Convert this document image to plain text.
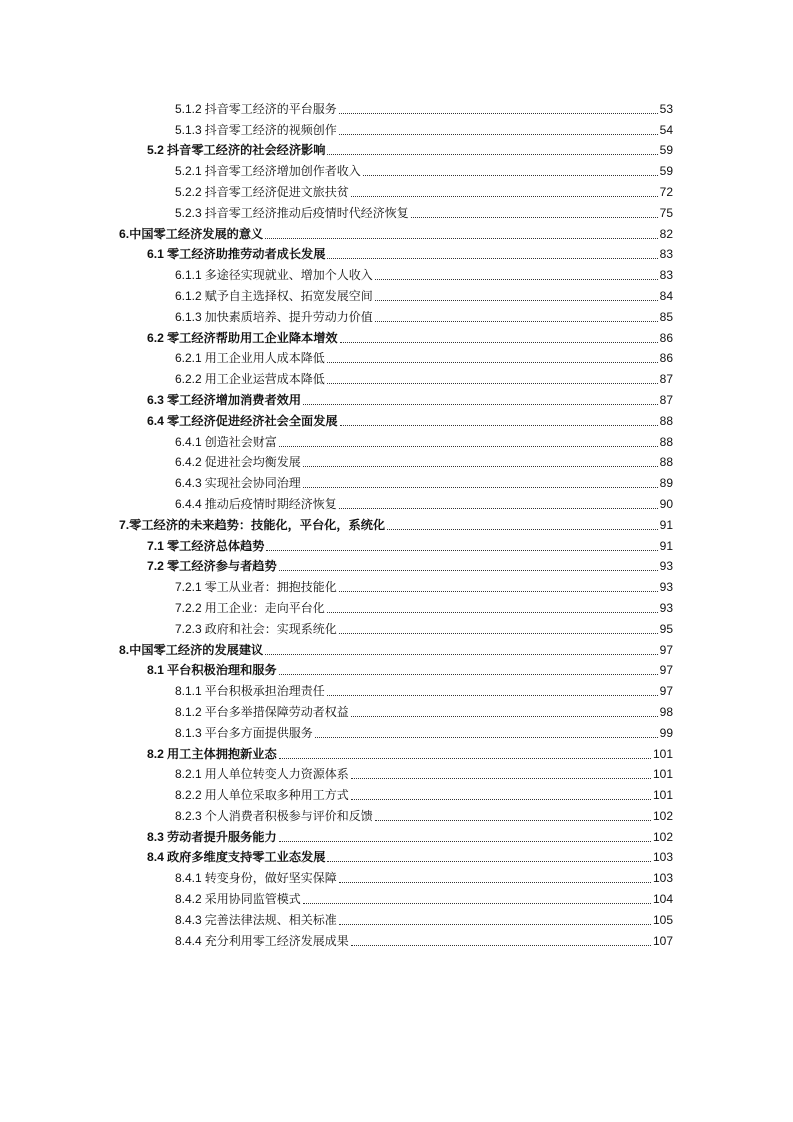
5.1.2 抖音零工经济的平台服务	53
5.1.3 抖音零工经济的视频创作	54
5.2 抖音零工经济的社会经济影响	59
5.2.1 抖音零工经济增加创作者收入	59
5.2.2 抖音零工经济促进文旅扶贫	72
5.2.3 抖音零工经济推动后疫情时代经济恢复	75
6.中国零工经济发展的意义	82
6.1 零工经济助推劳动者成长发展	83
6.1.1 多途径实现就业、增加个人收入	83
6.1.2 赋予自主选择权、拓宽发展空间	84
6.1.3 加快素质培养、提升劳动力价值	85
6.2 零工经济帮助用工企业降本增效	86
6.2.1 用工企业用人成本降低	86
6.2.2 用工企业运营成本降低	87
6.3 零工经济增加消费者效用	87
6.4 零工经济促进经济社会全面发展	88
6.4.1 创造社会财富	88
6.4.2 促进社会均衡发展	88
6.4.3 实现社会协同治理	89
6.4.4 推动后疫情时期经济恢复	90
7.零工经济的未来趋势：技能化，平台化，系统化	91
7.1 零工经济总体趋势	91
7.2 零工经济参与者趋势	93
7.2.1 零工从业者：拥抱技能化	93
7.2.2 用工企业：走向平台化	93
7.2.3 政府和社会：实现系统化	95
8.中国零工经济的发展建议	97
8.1 平台积极治理和服务	97
8.1.1 平台积极承担治理责任	97
8.1.2 平台多举措保障劳动者权益	98
8.1.3 平台多方面提供服务	99
8.2 用工主体拥抱新业态	101
8.2.1 用人单位转变人力资源体系	101
8.2.2 用人单位采取多种用工方式	101
8.2.3 个人消费者积极参与评价和反馈	102
8.3 劳动者提升服务能力	102
8.4 政府多维度支持零工业态发展	103
8.4.1 转变身份，做好坚实保障	103
8.4.2 采用协同监管模式	104
8.4.3 完善法律法规、相关标准	105
8.4.4 充分利用零工经济发展成果	107
